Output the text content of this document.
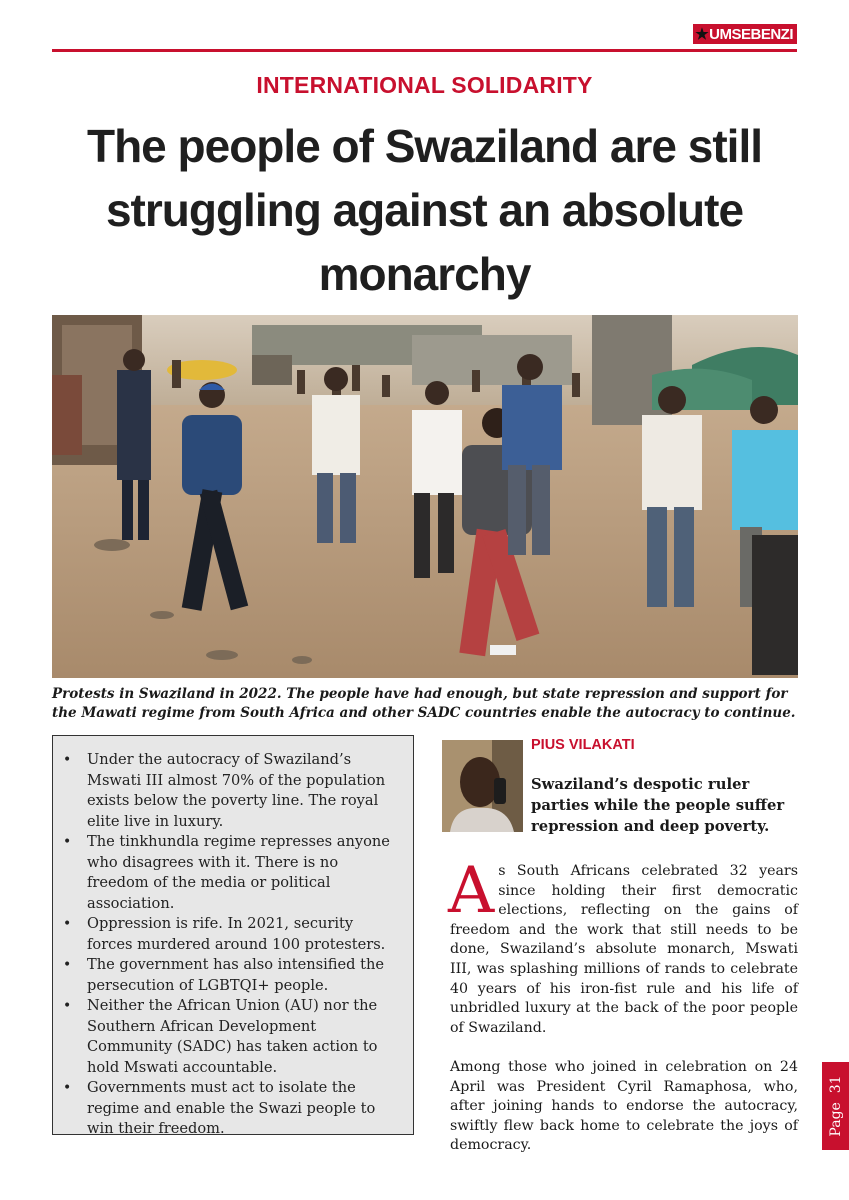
★ UMSEBENZI
INTERNATIONAL SOLIDARITY
The people of Swaziland are still struggling against an absolute monarchy

Protests in Swaziland in 2022. The people have had enough, but state repression and support for the Mawati regime from South Africa and other SADC countries enable the autocracy to continue.

• Under the autocracy of Swaziland’s Mswati III almost 70% of the population exists below the poverty line. The royal elite live in luxury.
• The tinkhundla regime represses anyone who disagrees with it. There is no freedom of the media or political association.
• Oppression is rife. In 2021, security forces murdered around 100 protesters.
• The government has also intensified the persecution of LGBTQI+ people.
• Neither the African Union (AU) nor the Southern African Development Community (SADC) has taken action to hold Mswati accountable.
• Governments must act to isolate the regime and enable the Swazi people to win their freedom.
PIUS VILAKATI

Swaziland’s despotic ruler parties while the people suffer repression and deep poverty.

As South Africans celebrated 32 years since holding their first democratic elections, reflecting on the gains of freedom and the work that still needs to be done, Swaziland’s absolute monarch, Mswati III, was splashing millions of rands to celebrate 40 years of his iron-fist rule and his life of unbridled luxury at the back of the poor people of Swaziland.

Among those who joined in celebration on 24 April was President Cyril Ramaphosa, who, after joining hands to endorse the autocracy, swiftly flew back home to celebrate the joys of democracy.

Page  31
